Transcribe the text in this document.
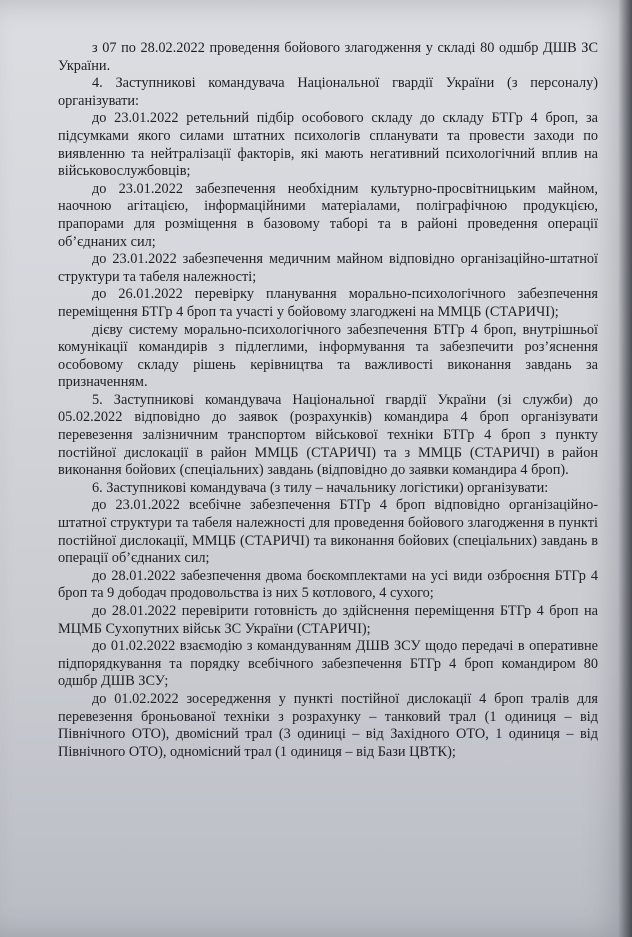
з 07 по 28.02.2022 проведення бойового злагодження у складі 80 одшбр ДШВ ЗС України.

4. Заступникові командувача Національної гвардії України (з персоналу) організувати:

до 23.01.2022 ретельний підбір особового складу до складу БТГр 4 броп, за підсумками якого силами штатних психологів спланувати та провести заходи по виявленню та нейтралізації факторів, які мають негативний психологічний вплив на військовослужбовців;

до 23.01.2022 забезпечення необхідним культурно-просвітницьким майном, наочною агітацією, інформаційними матеріалами, поліграфічною продукцією, прапорами для розміщення в базовому таборі та в районі проведення операції об’єднаних сил;

до 23.01.2022 забезпечення медичним майном відповідно організаційно-штатної структури та табеля належності;

до 26.01.2022 перевірку планування морально-психологічного забезпечення переміщення БТГр 4 броп та участі у бойовому злагоджені на ММЦБ (СТАРИЧІ);

дієву систему морально-психологічного забезпечення БТГр 4 броп, внутрішньої комунікації командирів з підлеглими, інформування та забезпечити роз’яснення особовому складу рішень керівництва та важливості виконання завдань за призначенням.

5. Заступникові командувача Національної гвардії України (зі служби) до 05.02.2022 відповідно до заявок (розрахунків) командира 4 броп організувати перевезення залізничним транспортом військової техніки БТГр 4 броп з пункту постійної дислокації в район ММЦБ (СТАРИЧІ) та з ММЦБ (СТАРИЧІ) в район виконання бойових (спеціальних) завдань (відповідно до заявки командира 4 броп).

6. Заступникові командувача (з тилу – начальнику логістики) організувати:

до 23.01.2022 всебічне забезпечення БТГр 4 броп відповідно організаційно-штатної структури та табеля належності для проведення бойового злагодження в пункті постійної дислокації, ММЦБ (СТАРИЧІ) та виконання бойових (спеціальних) завдань в операції об’єднаних сил;

до 28.01.2022 забезпечення двома боєкомплектами на усі види озброєння БТГр 4 броп та 9 дободач продовольства із них 5 котлового, 4 сухого;

до 28.01.2022 перевірити готовність до здійснення переміщення БТГр 4 броп на МЦМБ Сухопутних військ ЗС України (СТАРИЧІ);

до 01.02.2022 взаємодію з командуванням ДШВ ЗСУ щодо передачі в оперативне підпорядкування та порядку всебічного забезпечення БТГр 4 броп командиром 80 одшбр ДШВ ЗСУ;

до 01.02.2022 зосередження у пункті постійної дислокації 4 броп тралів для перевезення броньованої техніки з розрахунку – танковий трал (1 одиниця – від Північного ОТО), двомісний трал (3 одиниці – від Західного ОТО, 1 одиниця – від Північного ОТО), одномісний трал (1 одиниця – від Бази ЦВТК);
